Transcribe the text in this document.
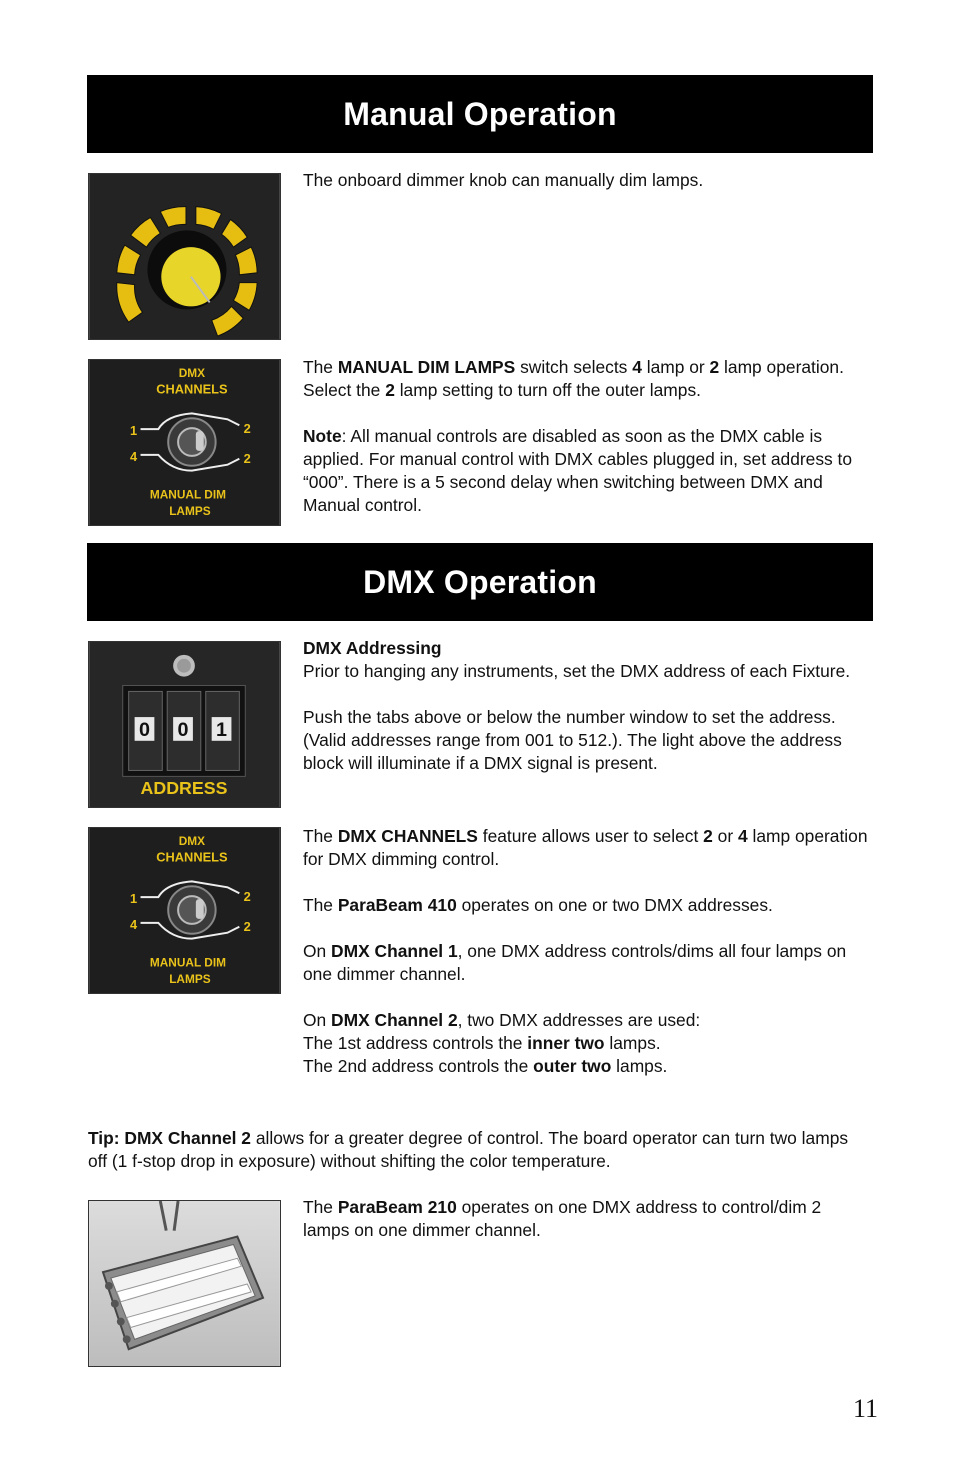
Manual Operation

The onboard dimmer knob can manually dim lamps.

DMX
CHANNELS
MANUAL DIM
LAMPS
1	2
4	2

The MANUAL DIM LAMPS switch selects 4 lamp or 2 lamp operation. Select the 2 lamp setting to turn off the outer lamps.

Note: All manual controls are disabled as soon as the DMX cable is applied. For manual control with DMX cables plugged in, set address to “000”. There is a 5 second delay when switching between DMX and Manual control.

DMX Operation
0 0 1
ADDRESS

DMX Addressing

Prior to hanging any instruments, set the DMX address of each Fixture.

Push the tabs above or below the number window to set the address. (Valid addresses range from 001 to 512.). The light above the address block will illuminate if a DMX signal is present.

DMX
CHANNELS
MANUAL DIM
LAMPS
1	2
4	2

The DMX CHANNELS feature allows user to select 2 or 4 lamp operation for DMX dimming control.

The ParaBeam 410 operates on one or two DMX addresses.

On DMX Channel 1, one DMX address controls/dims all four lamps on one dimmer channel.

On DMX Channel 2, two DMX addresses are used:

The 1st address controls the inner two lamps.

The 2nd address controls the outer two lamps.

Tip: DMX Channel 2 allows for a greater degree of control. The board operator can turn two lamps off (1 f-stop drop in exposure) without shifting the color temperature.

The ParaBeam 210 operates on one DMX address to control/dim 2 lamps on one dimmer channel.

11
